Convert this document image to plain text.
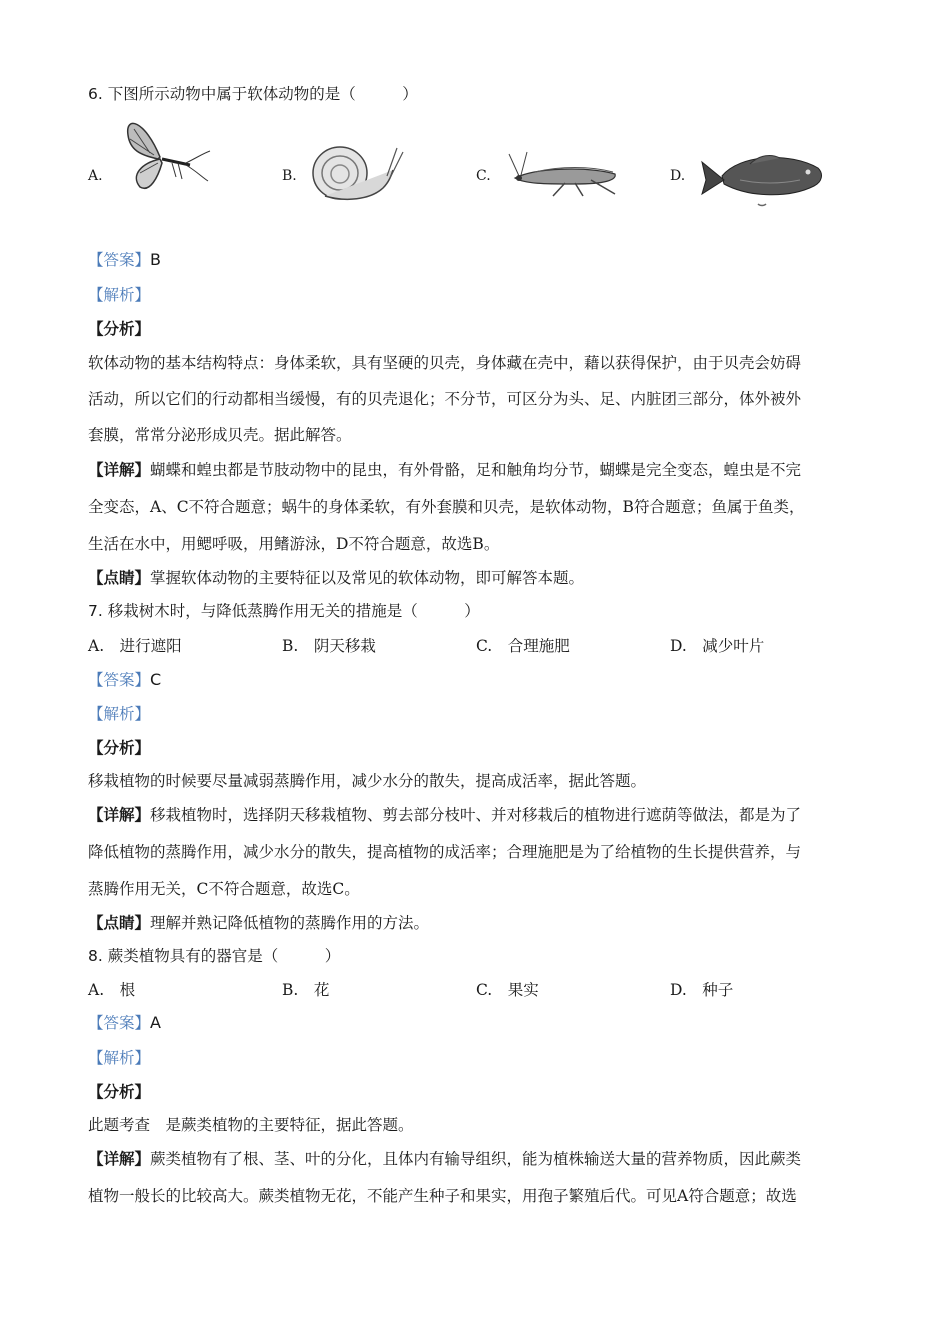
6. 下图所示动物中属于软体动物的是（　　　）
A.	B.	C.	D.
【答案】B
【解析】
【分析】
软体动物的基本结构特点：身体柔软，具有坚硬的贝壳，身体藏在壳中，藉以获得保护，由于贝壳会妨碍
活动，所以它们的行动都相当缓慢，有的贝壳退化；不分节，可区分为头、足、内脏团三部分，体外被外
套膜，常常分泌形成贝壳。据此解答。
【详解】蝴蝶和蝗虫都是节肢动物中的昆虫，有外骨骼，足和触角均分节，蝴蝶是完全变态，蝗虫是不完
全变态，A、C不符合题意；蜗牛的身体柔软，有外套膜和贝壳，是软体动物，B符合题意；鱼属于鱼类，
生活在水中，用鳃呼吸，用鳍游泳，D不符合题意，故选B。
【点睛】掌握软体动物的主要特征以及常见的软体动物，即可解答本题。
7. 移栽树木时，与降低蒸腾作用无关的措施是（　　　）
A.　进行遮阳	B.　阴天移栽	C.　合理施肥	D.　减少叶片
【答案】C
【解析】
【分析】
移栽植物的时候要尽量减弱蒸腾作用，减少水分的散失，提高成活率，据此答题。
【详解】移栽植物时，选择阴天移栽植物、剪去部分枝叶、并对移栽后的植物进行遮荫等做法，都是为了
降低植物的蒸腾作用，减少水分的散失，提高植物的成活率；合理施肥是为了给植物的生长提供营养，与
蒸腾作用无关，C不符合题意，故选C。
【点睛】理解并熟记降低植物的蒸腾作用的方法。
8. 蕨类植物具有的器官是（　　　）
A.　根	B.　花	C.　果实	D.　种子
【答案】A
【解析】
【分析】
此题考查　是蕨类植物的主要特征，据此答题。
【详解】蕨类植物有了根、茎、叶的分化，且体内有输导组织，能为植株输送大量的营养物质，因此蕨类
植物一般长的比较高大。蕨类植物无花，不能产生种子和果实，用孢子繁殖后代。可见A符合题意；故选
